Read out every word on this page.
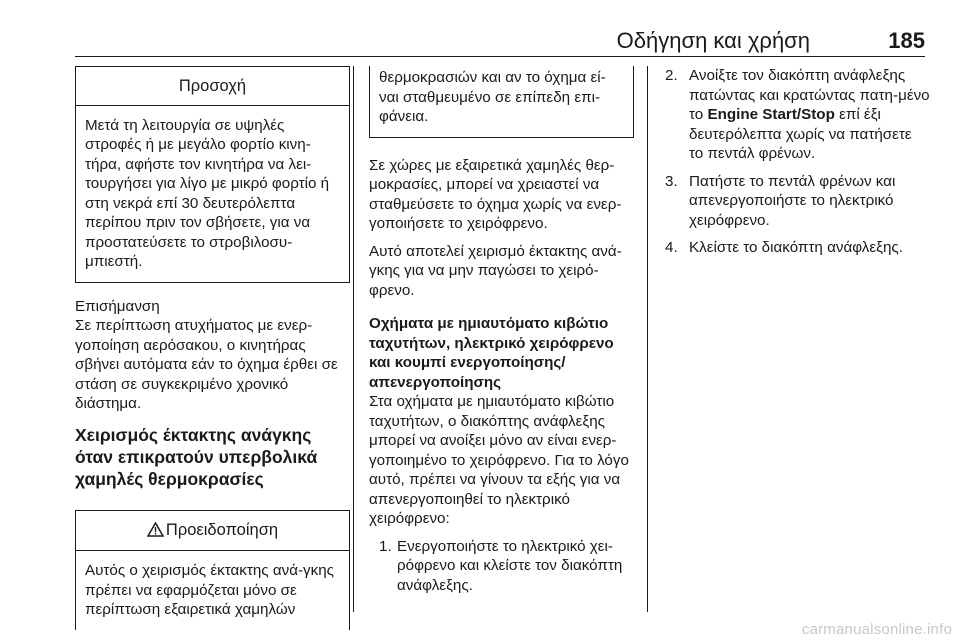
Οδήγηση και χρήση	185
Προσοχή

Μετά τη λειτουργία σε υψηλές στροφές ή με μεγάλο φορτίο κινη-τήρα, αφήστε τον κινητήρα να λει-τουργήσει για λίγο με μικρό φορτίο ή στη νεκρά επί 30 δευτερόλεπτα περίπου πριν τον σβήσετε, για να προστατεύσετε το στροβιλοσυ-μπιεστή.

Επισήμανση

Σε περίπτωση ατυχήματος με ενερ-γοποίηση αερόσακου, ο κινητήρας σβήνει αυτόματα εάν το όχημα έρθει σε στάση σε συγκεκριμένο χρονικό διάστημα.

Χειρισμός έκτακτης ανάγκης όταν επικρατούν υπερβολικά χαμηλές θερμοκρασίες

Προειδοποίηση

Αυτός ο χειρισμός έκτακτης ανά-γκης πρέπει να εφαρμόζεται μόνο σε περίπτωση εξαιρετικά χαμηλών

θερμοκρασιών και αν το όχημα εί-ναι σταθμευμένο σε επίπεδη επι-φάνεια.

Σε χώρες με εξαιρετικά χαμηλές θερ-μοκρασίες, μπορεί να χρειαστεί να σταθμεύσετε το όχημα χωρίς να ενερ-γοποιήσετε το χειρόφρενο.

Αυτό αποτελεί χειρισμό έκτακτης ανά-γκης για να μην παγώσει το χειρό-φρενο.

Οχήματα με ημιαυτόματο κιβώτιο ταχυτήτων, ηλεκτρικό χειρόφρενο και κουμπί ενεργοποίησης/ απενεργοποίησης

Στα οχήματα με ημιαυτόματο κιβώτιο ταχυτήτων, ο διακόπτης ανάφλεξης μπορεί να ανοίξει μόνο αν είναι ενερ-γοποιημένο το χειρόφρενο. Για το λόγο αυτό, πρέπει να γίνουν τα εξής για να απενεργοποιηθεί το ηλεκτρικό χειρόφρενο:

1. Ενεργοποιήστε το ηλεκτρικό χει-ρόφρενο και κλείστε τον διακόπτη ανάφλεξης.
2. Ανοίξτε τον διακόπτη ανάφλεξης πατώντας και κρατώντας πατη-μένο το Engine Start/Stop επί έξι δευτερόλεπτα χωρίς να πατήσετε το πεντάλ φρένων.
3. Πατήστε το πεντάλ φρένων και απενεργοποιήστε το ηλεκτρικό χειρόφρενο.
4. Κλείστε το διακόπτη ανάφλεξης.
carmanualsonline.info
